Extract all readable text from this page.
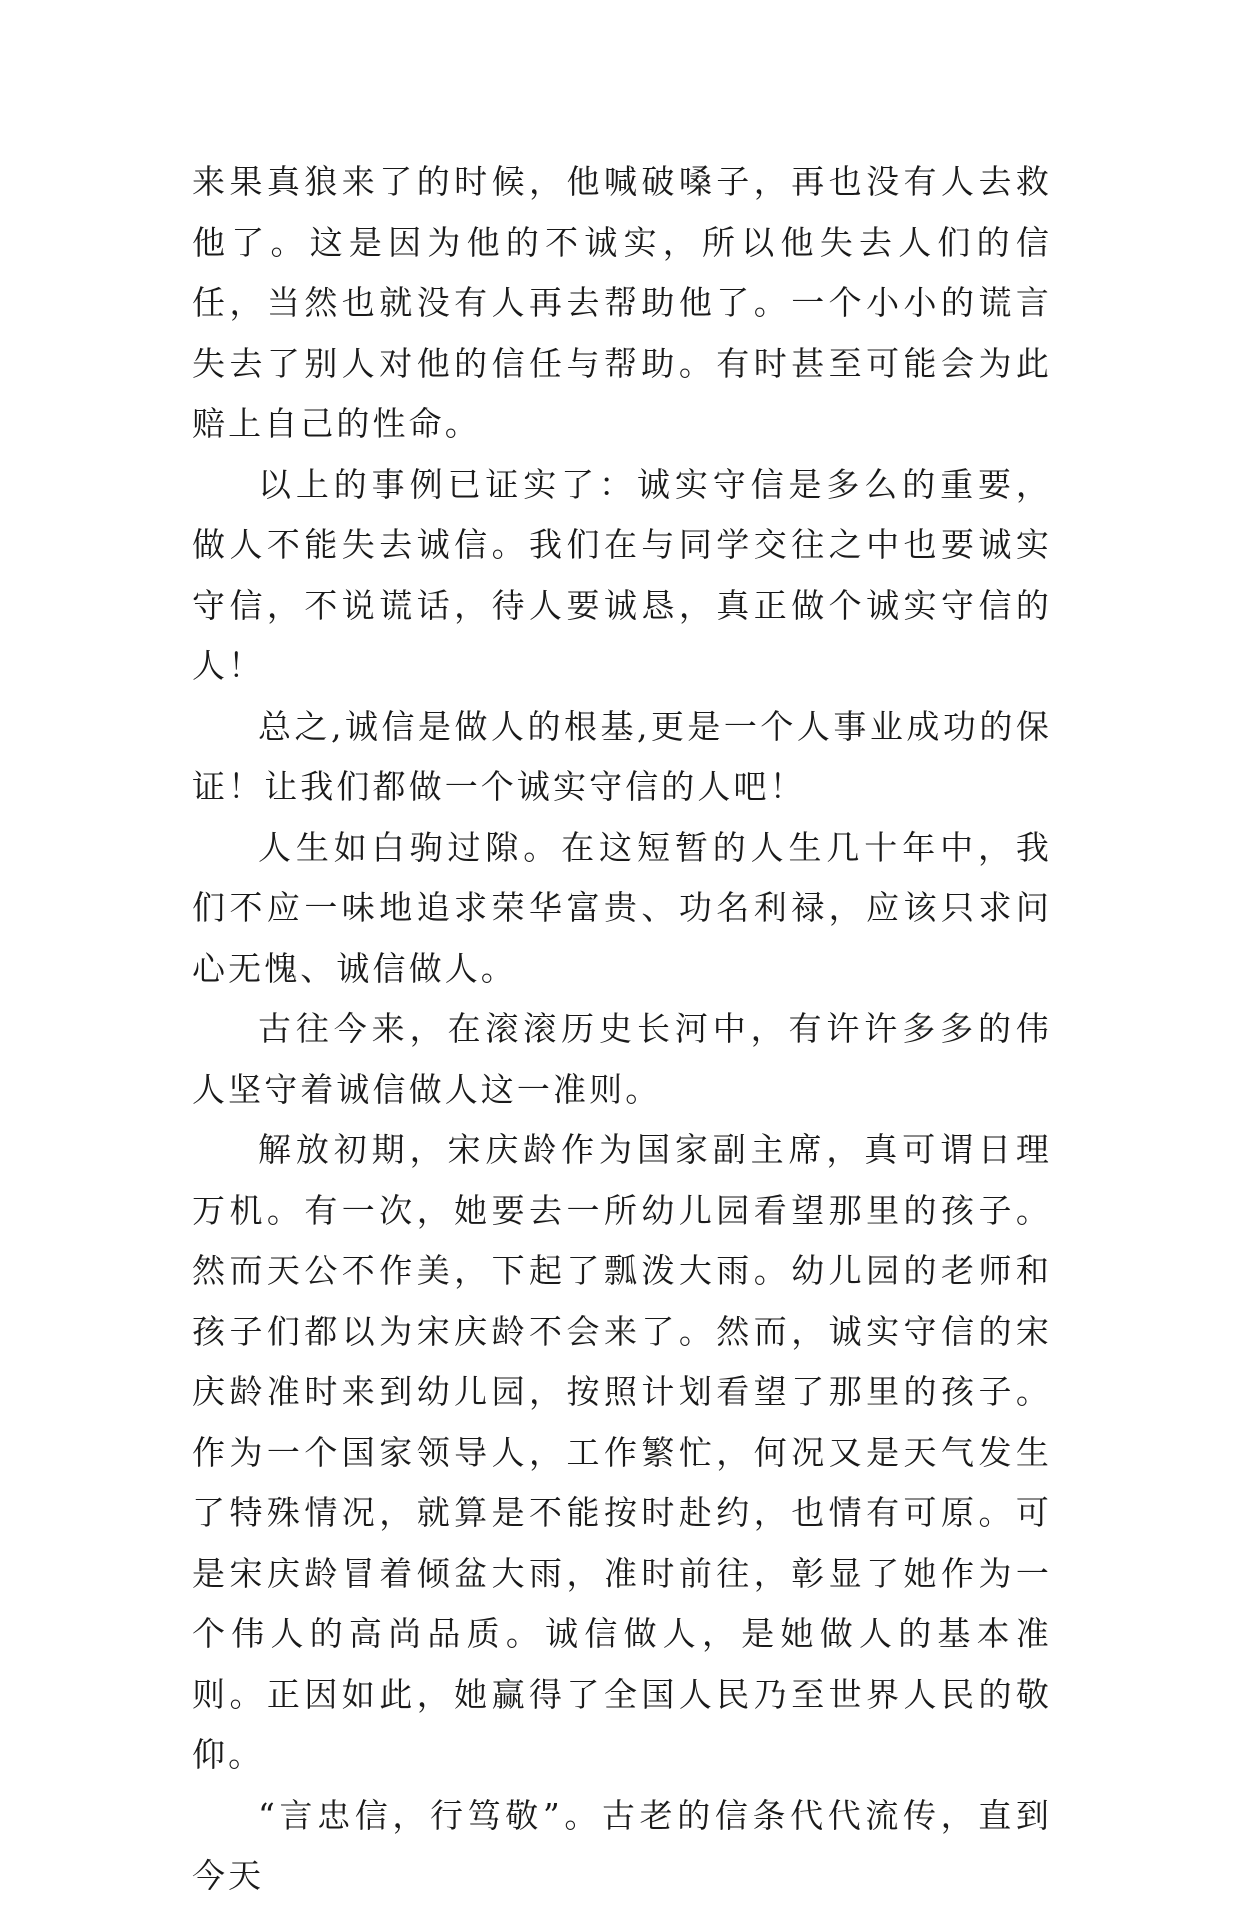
来果真狼来了的时候，他喊破嗓子，再也没有人去救他了。这是因为他的不诚实，所以他失去人们的信任，当然也就没有人再去帮助他了。一个小小的谎言失去了别人对他的信任与帮助。有时甚至可能会为此赔上自己的性命。

以上的事例已证实了：诚实守信是多么的重要，做人不能失去诚信。我们在与同学交往之中也要诚实守信，不说谎话，待人要诚恳，真正做个诚实守信的人！

总之,诚信是做人的根基,更是一个人事业成功的保证！让我们都做一个诚实守信的人吧！

人生如白驹过隙。在这短暂的人生几十年中，我们不应一味地追求荣华富贵、功名利禄，应该只求问心无愧、诚信做人。

古往今来，在滚滚历史长河中，有许许多多的伟人坚守着诚信做人这一准则。

解放初期，宋庆龄作为国家副主席，真可谓日理万机。有一次，她要去一所幼儿园看望那里的孩子。然而天公不作美，下起了瓢泼大雨。幼儿园的老师和孩子们都以为宋庆龄不会来了。然而，诚实守信的宋庆龄准时来到幼儿园，按照计划看望了那里的孩子。作为一个国家领导人，工作繁忙，何况又是天气发生了特殊情况，就算是不能按时赴约，也情有可原。可是宋庆龄冒着倾盆大雨，准时前往，彰显了她作为一个伟人的高尚品质。诚信做人，是她做人的基本准则。正因如此，她赢得了全国人民乃至世界人民的敬仰。

“言忠信，行笃敬”。古老的信条代代流传，直到今天
